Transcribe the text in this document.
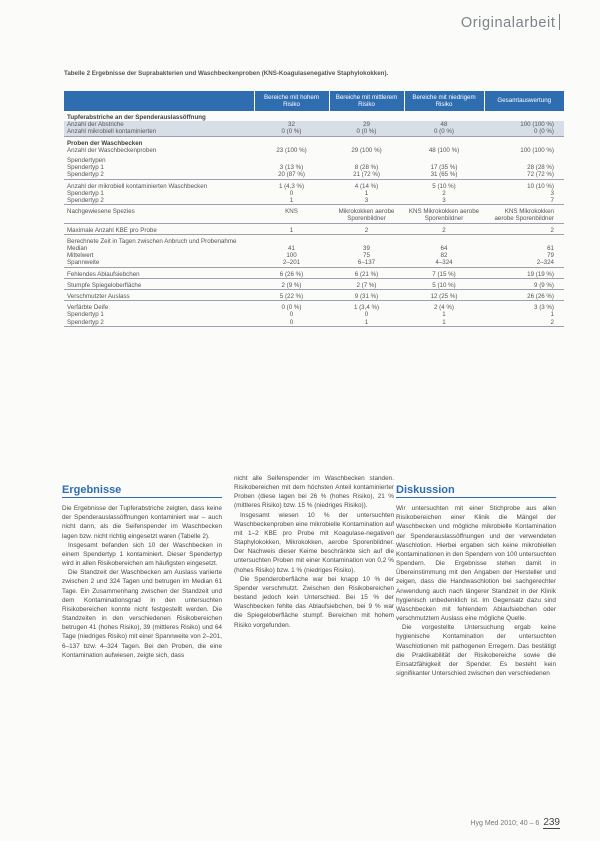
Originalarbeit
Tabelle 2 Ergebnisse der Suprabakterien und Waschbeckenproben (KNS-Koagulasenegative Staphylokokken).
	Bereiche mit hohem Risiko	Bereiche mit mittlerem Risiko	Bereiche mit niedrigem Risiko	Gesamtauswertung
Tupferabstriche an der Spenderauslassöffnung				
Anzahl der Abstriche	32	29	48	100 (100 %)
Anzahl mikrobiell kontaminierten	0 (0 %)	0 (0 %)	0 (0 %)	0 (0 %)
Proben der Waschbecken				
Anzahl der Waschbeckenproben	23 (100 %)	29 (100 %)	48 (100 %)	100 (100 %)
Spendertypen				
Spendertyp 1	3 (13 %)	8 (28 %)	17 (35 %)	28 (28 %)
Spendertyp 2	20 (87 %)	21 (72 %)	31 (65 %)	72 (72 %)
Anzahl der mikrobiell kontaminierten Waschbecken	1 (4,3 %)	4 (14 %)	5 (10 %)	10 (10 %)
Spendertyp 1	0	1	2	3
Spendertyp 2	1	3	3	7
Nachgewiesene Spezies	KNS	Mikrokokken aerobe Sporenbildner	KNS Mikrokokken aerobe Sporenbildner	KNS Mikrokokken aerobe Sporenbildner
Maximale Anzahl KBE pro Probe	1	2	2	2
Berechnete Zeit in Tagen zwischen Anbruch und Probenahme				
Median	41	39	64	61
Mittelwert	100	75	82	79
Spannweite	2–201	6–137	4–324	2–324
Fehlendes Ablaufsiebchen	6 (26 %)	6 (21 %)	7 (15 %)	19 (19 %)
Stumpfe Spiegeloberfläche	2 (9 %)	2 (7 %)	5 (10 %)	9 (9 %)
Verschmutzter Auslass	5 (22 %)	9 (31 %)	12 (25 %)	26 (26 %)
Verfärbte Deife	0 (0 %)	1 (3,4 %)	2 (4 %)	3 (3 %)
Spendertyp 1	0	0	1	1
Spendertyp 2	0	1	1	2
Ergebnisse

Die Ergebnisse der Tupferabstriche zeigten, dass keine der Spenderauslassöffnungen kontaminiert war – auch nicht dann, als die Seifenspender im Waschbecken lagen bzw. nicht richtig eingesetzt waren (Tabelle 2).

Insgesamt befanden sich 10 der Waschbecken in einem Spendertyp 1 kontaminiert. Dieser Spendertyp wird in allen Risikobereichen am häufigsten eingesetzt.

Die Standzeit der Waschbecken am Auslass variierte zwischen 2 und 324 Tagen und betrugen im Median 61 Tage. Ein Zusammenhang zwischen der Standzeit und dem Kontaminationsgrad in den untersuchten Risikobereichen konnte nicht festgestellt werden. Die Standzeiten in den verschiedenen Risikobereichen betrugen 41 (hohes Risiko), 39 (mittleres Risiko) und 64 Tage (niedriges Risiko) mit einer Spannweite von 2–201, 6–137 bzw. 4–324 Tagen. Bei den Proben, die eine Kontamination aufwiesen, zeigte sich, dass

nicht alle Seifenspender im Waschbecken standen. Risikobereichen mit dem höchsten Anteil kontaminierter Proben (diese lagen bei 26 % (hohes Risiko), 21 % (mittleres Risiko) bzw. 15 % (niedriges Risiko)).

Insgesamt wiesen 10 % der untersuchten Waschbeckenproben eine mikrobielle Kontamination auf mit 1–2 KBE pro Probe mit Koagulase-negativen Staphylokokken, Mikrokokken, aerobe Sporenbildner. Der Nachweis dieser Keime beschränkte sich auf die untersuchten Proben mit einer Kontamination von 0,2 % (hohes Risiko) bzw. 1 % (niedriges Risiko).

Die Spenderoberfläche war bei knapp 10 % der Spender verschmutzt. Zwischen den Risikobereichen bestand jedoch kein Unterschied. Bei 15 % der Waschbecken fehlte das Ablaufsiebchen, bei 9 % war die Spiegeloberfläche stumpf. Bereichen mit hohem Risiko vorgefunden.

Diskussion

Wir untersuchten mit einer Stichprobe aus allen Risikobereichen einer Klinik die Mängel der Waschbecken und mögliche mikrobielle Kontamination der Spenderauslassöffnungen und der verwendeten Waschlotion. Hierbei ergaben sich keine mikrobiellen Kontaminationen in den Spendern von 100 untersuchten Spendern. Die Ergebnisse stehen damit in Übereinstimmung mit den Angaben der Hersteller und zeigen, dass die Handwaschlotion bei sachgerechter Anwendung auch nach längerer Standzeit in der Klinik hygienisch unbedenklich ist. Im Gegensatz dazu sind Waschbecken mit fehlendem Ablaufsiebchen oder verschmutztem Auslass eine mögliche Quelle.

Die vorgestellte Untersuchung ergab keine hygienische Kontamination der untersuchten Waschlotionen mit pathogenen Erregern. Das bestätigt die Praktikabilität der Risikobereiche sowie die Einsatzfähigkeit der Spender. Es besteht kein signifikanter Unterschied zwischen den verschiedenen

Hyg Med 2010; 40 – 6 239
